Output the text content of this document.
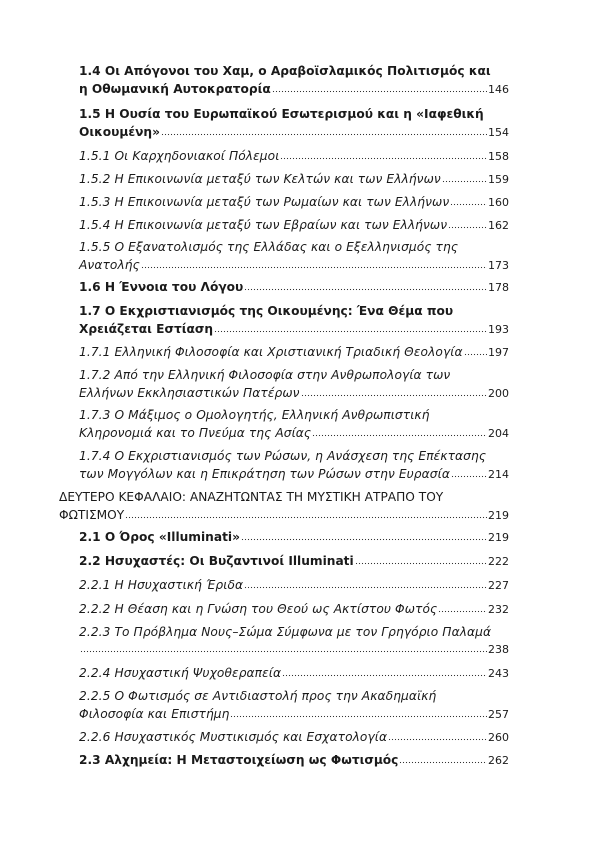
1.4 Οι Απόγονοι του Χαμ, ο Αραβοϊσλαμικός Πολιτισμός και
η Οθωμανική Αυτοκρατορία	146
1.5 Η Ουσία του Ευρωπαϊκού Εσωτερισμού και η «Ιαφεθική
Οικουμένη»	154
1.5.1 Οι Καρχηδονιακοί Πόλεμοι	158
1.5.2 Η Επικοινωνία μεταξύ των Κελτών και των Ελλήνων	159
1.5.3 Η Επικοινωνία μεταξύ των Ρωμαίων και των Ελλήνων	160
1.5.4 Η Επικοινωνία μεταξύ των Εβραίων και των Ελλήνων	162
1.5.5 Ο Εξανατολισμός της Ελλάδας και ο Εξελληνισμός της
Ανατολής	173
1.6 Η Έννοια του Λόγου	178
1.7 Ο Εκχριστιανισμός της Οικουμένης: Ένα Θέμα που
Χρειάζεται Εστίαση	193
1.7.1 Ελληνική Φιλοσοφία και Χριστιανική Τριαδική Θεολογία 197
1.7.2 Από την Ελληνική Φιλοσοφία στην Ανθρωπολογία των
Ελλήνων Εκκλησιαστικών Πατέρων	200
1.7.3 Ο Μάξιμος ο Ομολογητής, Ελληνική Ανθρωπιστική
Κληρονομιά και το Πνεύμα της Ασίας	204
1.7.4 Ο Εκχριστιανισμός των Ρώσων, η Ανάσχεση της Επέκτασης
των Μογγόλων και η Επικράτηση των Ρώσων στην Ευρασία	214
ΔΕΥΤΕΡΟ ΚΕΦΑΛΑΙΟ: ΑΝΑΖΗΤΩΝΤΑΣ ΤΗ ΜΥΣΤΙΚΗ ΑΤΡΑΠΟ ΤΟΥ
ΦΩΤΙΣΜΟΥ	219
2.1 Ο Όρος «Illuminati»	219
2.2 Ησυχαστές: Οι Βυζαντινοί Illuminati	222
2.2.1 Η Ησυχαστική Έριδα	227
2.2.2 Η Θέαση και η Γνώση του Θεού ως Ακτίστου Φωτός	232
2.2.3 Το Πρόβλημα Νους–Σώμα Σύμφωνα με τον Γρηγόριο Παλαμά
238
2.2.4 Ησυχαστική Ψυχοθεραπεία	243
2.2.5 Ο Φωτισμός σε Αντιδιαστολή προς την Ακαδημαϊκή
Φιλοσοφία και Επιστήμη	257
2.2.6 Ησυχαστικός Μυστικισμός και Εσχατολογία	260
2.3 Αλχημεία: Η Μεταστοιχείωση ως Φωτισμός	262
